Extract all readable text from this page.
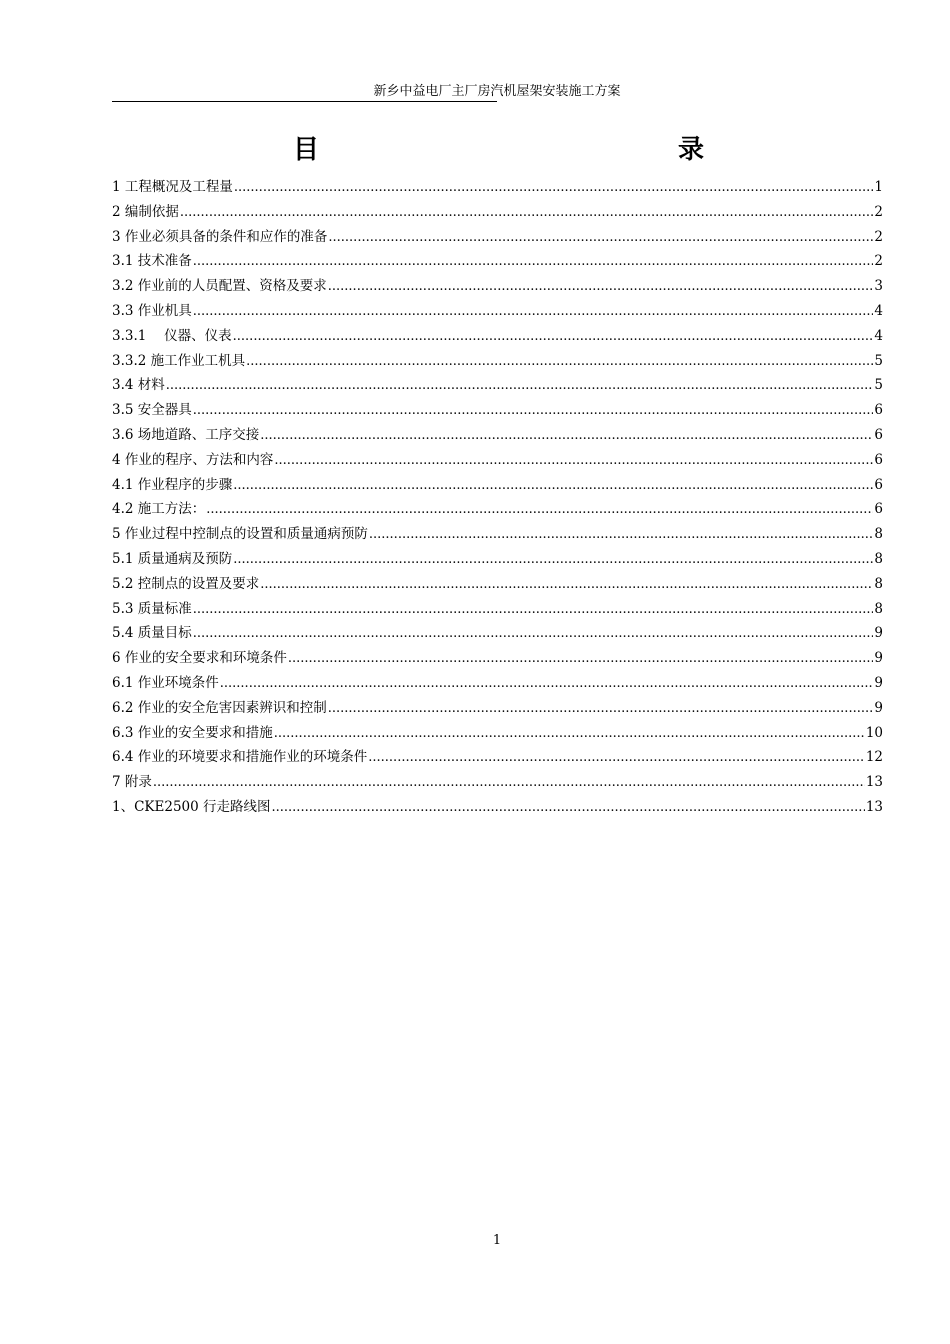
新乡中益电厂主厂房汽机屋架安装施工方案
目	录
1 工程概况及工程量 .....	1
2 编制依据 .....	2
3 作业必须具备的条件和应作的准备 .....	2
3.1 技术准备 .....	2
3.2 作业前的人员配置、资格及要求 .....	3
3.3 作业机具 .....	4
3.3.1　 仪器、仪表 .....	4
3.3.2 施工作业工机具 .....	5
3.4 材料 .....	5
3.5 安全器具 .....	6
3.6 场地道路、工序交接 .....	6
4 作业的程序、方法和内容 .....	6
4.1 作业程序的步骤 .....	6
4.2 施工方法： .....	6
5 作业过程中控制点的设置和质量通病预防 .....	8
5.1 质量通病及预防 .....	8
5.2 控制点的设置及要求 .....	8
5.3 质量标准 .....	8
5.4 质量目标 .....	9
6 作业的安全要求和环境条件 .....	9
6.1 作业环境条件 .....	9
6.2 作业的安全危害因素辨识和控制 .....	9
6.3 作业的安全要求和措施 .....	10
6.4 作业的环境要求和措施作业的环境条件 .....	12
7 附录 .....	13
1、CKE2500 行走路线图 .....	13
1
